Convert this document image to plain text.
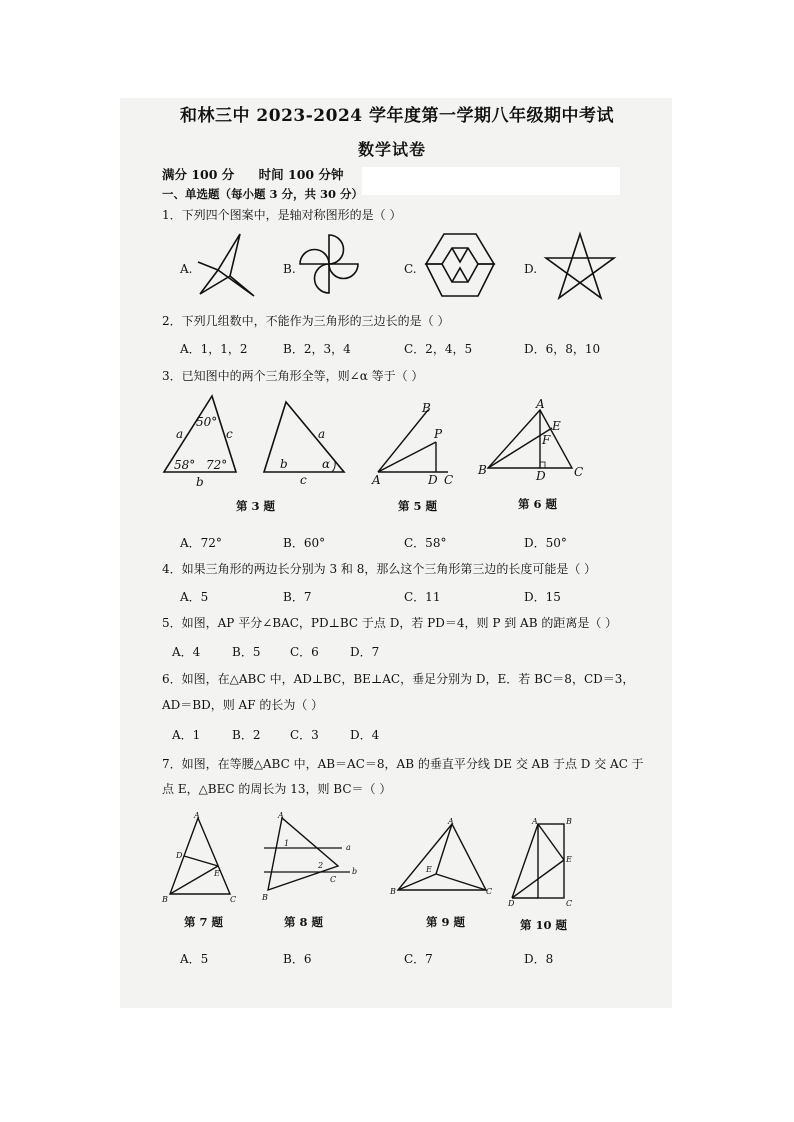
和林三中 2023-2024 学年度第一学期八年级期中考试
数学试卷
满分 100 分 时间 100 分钟
一、单选题（每小题 3 分，共 30 分）
1．下列四个图案中，是轴对称图形的是（ ）
A.	B.	C.	D.
2．下列几组数中，不能作为三角形的三边长的是（ ）
A．1，1，2	B．2，3，4	C．2，4，5	D．6，8，10
3．已知图中的两个三角形全等，则∠α 等于（ ）
50°
a	c
58° 72°
b
a
b	α
c
B
P
A	D C
A
E
F
B	D C
第 3 题	第 5 题	第 6 题
A．72°	B．60°	C．58°	D．50°
4．如果三角形的两边长分别为 3 和 8，那么这个三角形第三边的长度可能是（ ）
A．5	B．7	C．11	D．15
5．如图，AP 平分∠BAC，PD⊥BC 于点 D，若 PD＝4，则 P 到 AB 的距离是（ ）
A．4	B．5 C．6	D．7
6．如图，在△ABC 中，AD⊥BC，BE⊥AC，垂足分别为 D，E．若 BC＝8，CD＝3，
AD＝BD，则 AF 的长为（ ）
A．1	B．2 C．3	D．4
7．如图，在等腰△ABC 中，AB＝AC＝8，AB 的垂直平分线 DE 交 AB 于点 D 交 AC 于
点 E，△BEC 的周长为 13，则 BC＝（ ）
A
D
E
B	C
A
1	a
2
b
C
B
A
E
B	C
A	B
E
D	C
第 7 题	第 8 题	第 9 题	第 10 题
A．5	B．6	C．7	D．8
